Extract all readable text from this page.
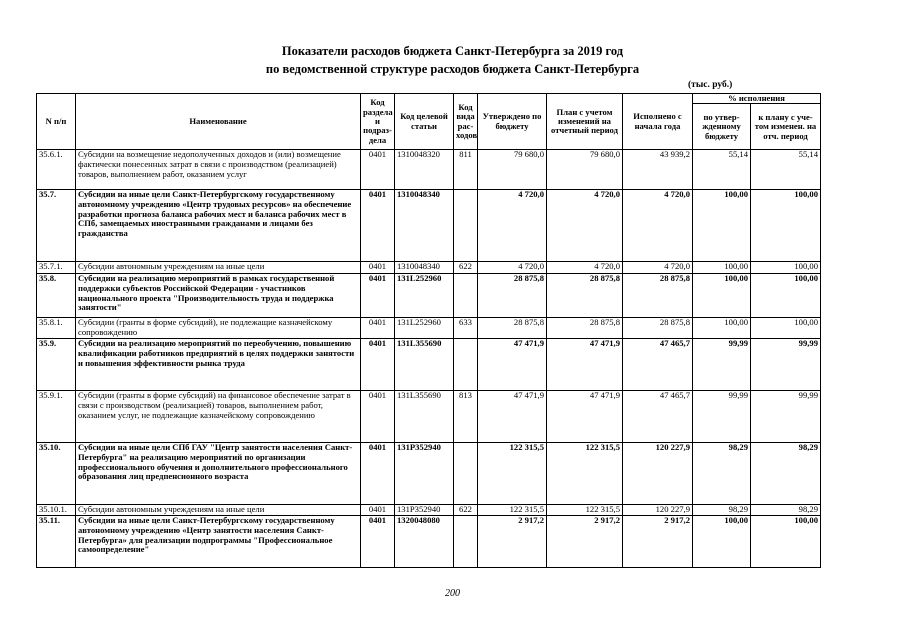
Показатели расходов бюджета Санкт-Петербурга за 2019 год
по ведомственной структуре расходов бюджета Санкт-Петербурга
(тыс. руб.)
N п/п	Наименование	Код раздела и подраз-дела	Код целевой статьи	Код вида рас-ходов	Утверждено по бюджету	План с учетом изменений на отчетный период	Исполнено с начала года	% исполнения	
								по утвер-жденному бюджету	к плану с уче-том изменен. на отч. период
35.6.1.	Субсидии на возмещение недополученных доходов и (или) возмещение фактически понесенных затрат в связи с производством (реализацией) товаров, выполнением работ, оказанием услуг	0401	1310048320	811	79 680,0	79 680,0	43 939,2	55,14	55,14
35.7.	Субсидии на иные цели Санкт-Петербургскому государственному автономному учреждению «Центр трудовых ресурсов» на обеспечение разработки прогноза баланса рабочих мест и баланса рабочих мест в СПб, замещаемых иностранными гражданами и лицами без гражданства	0401	1310048340		4 720,0	4 720,0	4 720,0	100,00	100,00
35.7.1.	Субсидии автономным учреждениям на иные цели	0401	1310048340	622	4 720,0	4 720,0	4 720,0	100,00	100,00
35.8.	Субсидии на реализацию мероприятий в рамках государственной поддержки субъектов Российской Федерации - участников национального проекта "Производительность труда и поддержка занятости"	0401	131L252960		28 875,8	28 875,8	28 875,8	100,00	100,00
35.8.1.	Субсидии (гранты в форме субсидий), не подлежащие казначейскому сопровождению	0401	131L252960	633	28 875,8	28 875,8	28 875,8	100,00	100,00
35.9.	Субсидии на реализацию мероприятий по переобучению, повышению квалификации работников предприятий в целях поддержки занятости и повышения эффективности рынка труда	0401	131L355690		47 471,9	47 471,9	47 465,7	99,99	99,99
35.9.1.	Субсидии (гранты в форме субсидий) на финансовое обеспечение затрат в связи с производством (реализацией) товаров, выполнением работ, оказанием услуг, не подлежащие казначейскому сопровождению	0401	131L355690	813	47 471,9	47 471,9	47 465,7	99,99	99,99
35.10.	Субсидии на иные цели СПб ГАУ "Центр занятости населения Санкт-Петербурга" на реализацию мероприятий по организации профессионального обучения и дополнительного профессионального образования лиц предпенсионного возраста	0401	131P352940		122 315,5	122 315,5	120 227,9	98,29	98,29
35.10.1.	Субсидии автономным учреждениям на иные цели	0401	131P352940	622	122 315,5	122 315,5	120 227,9	98,29	98,29
35.11.	Субсидии на иные цели Санкт-Петербургскому государственному автономному учреждению «Центр занятости населения Санкт-Петербурга» для реализации подпрограммы "Профессиональное самоопределение"	0401	1320048080		2 917,2	2 917,2	2 917,2	100,00	100,00
200
